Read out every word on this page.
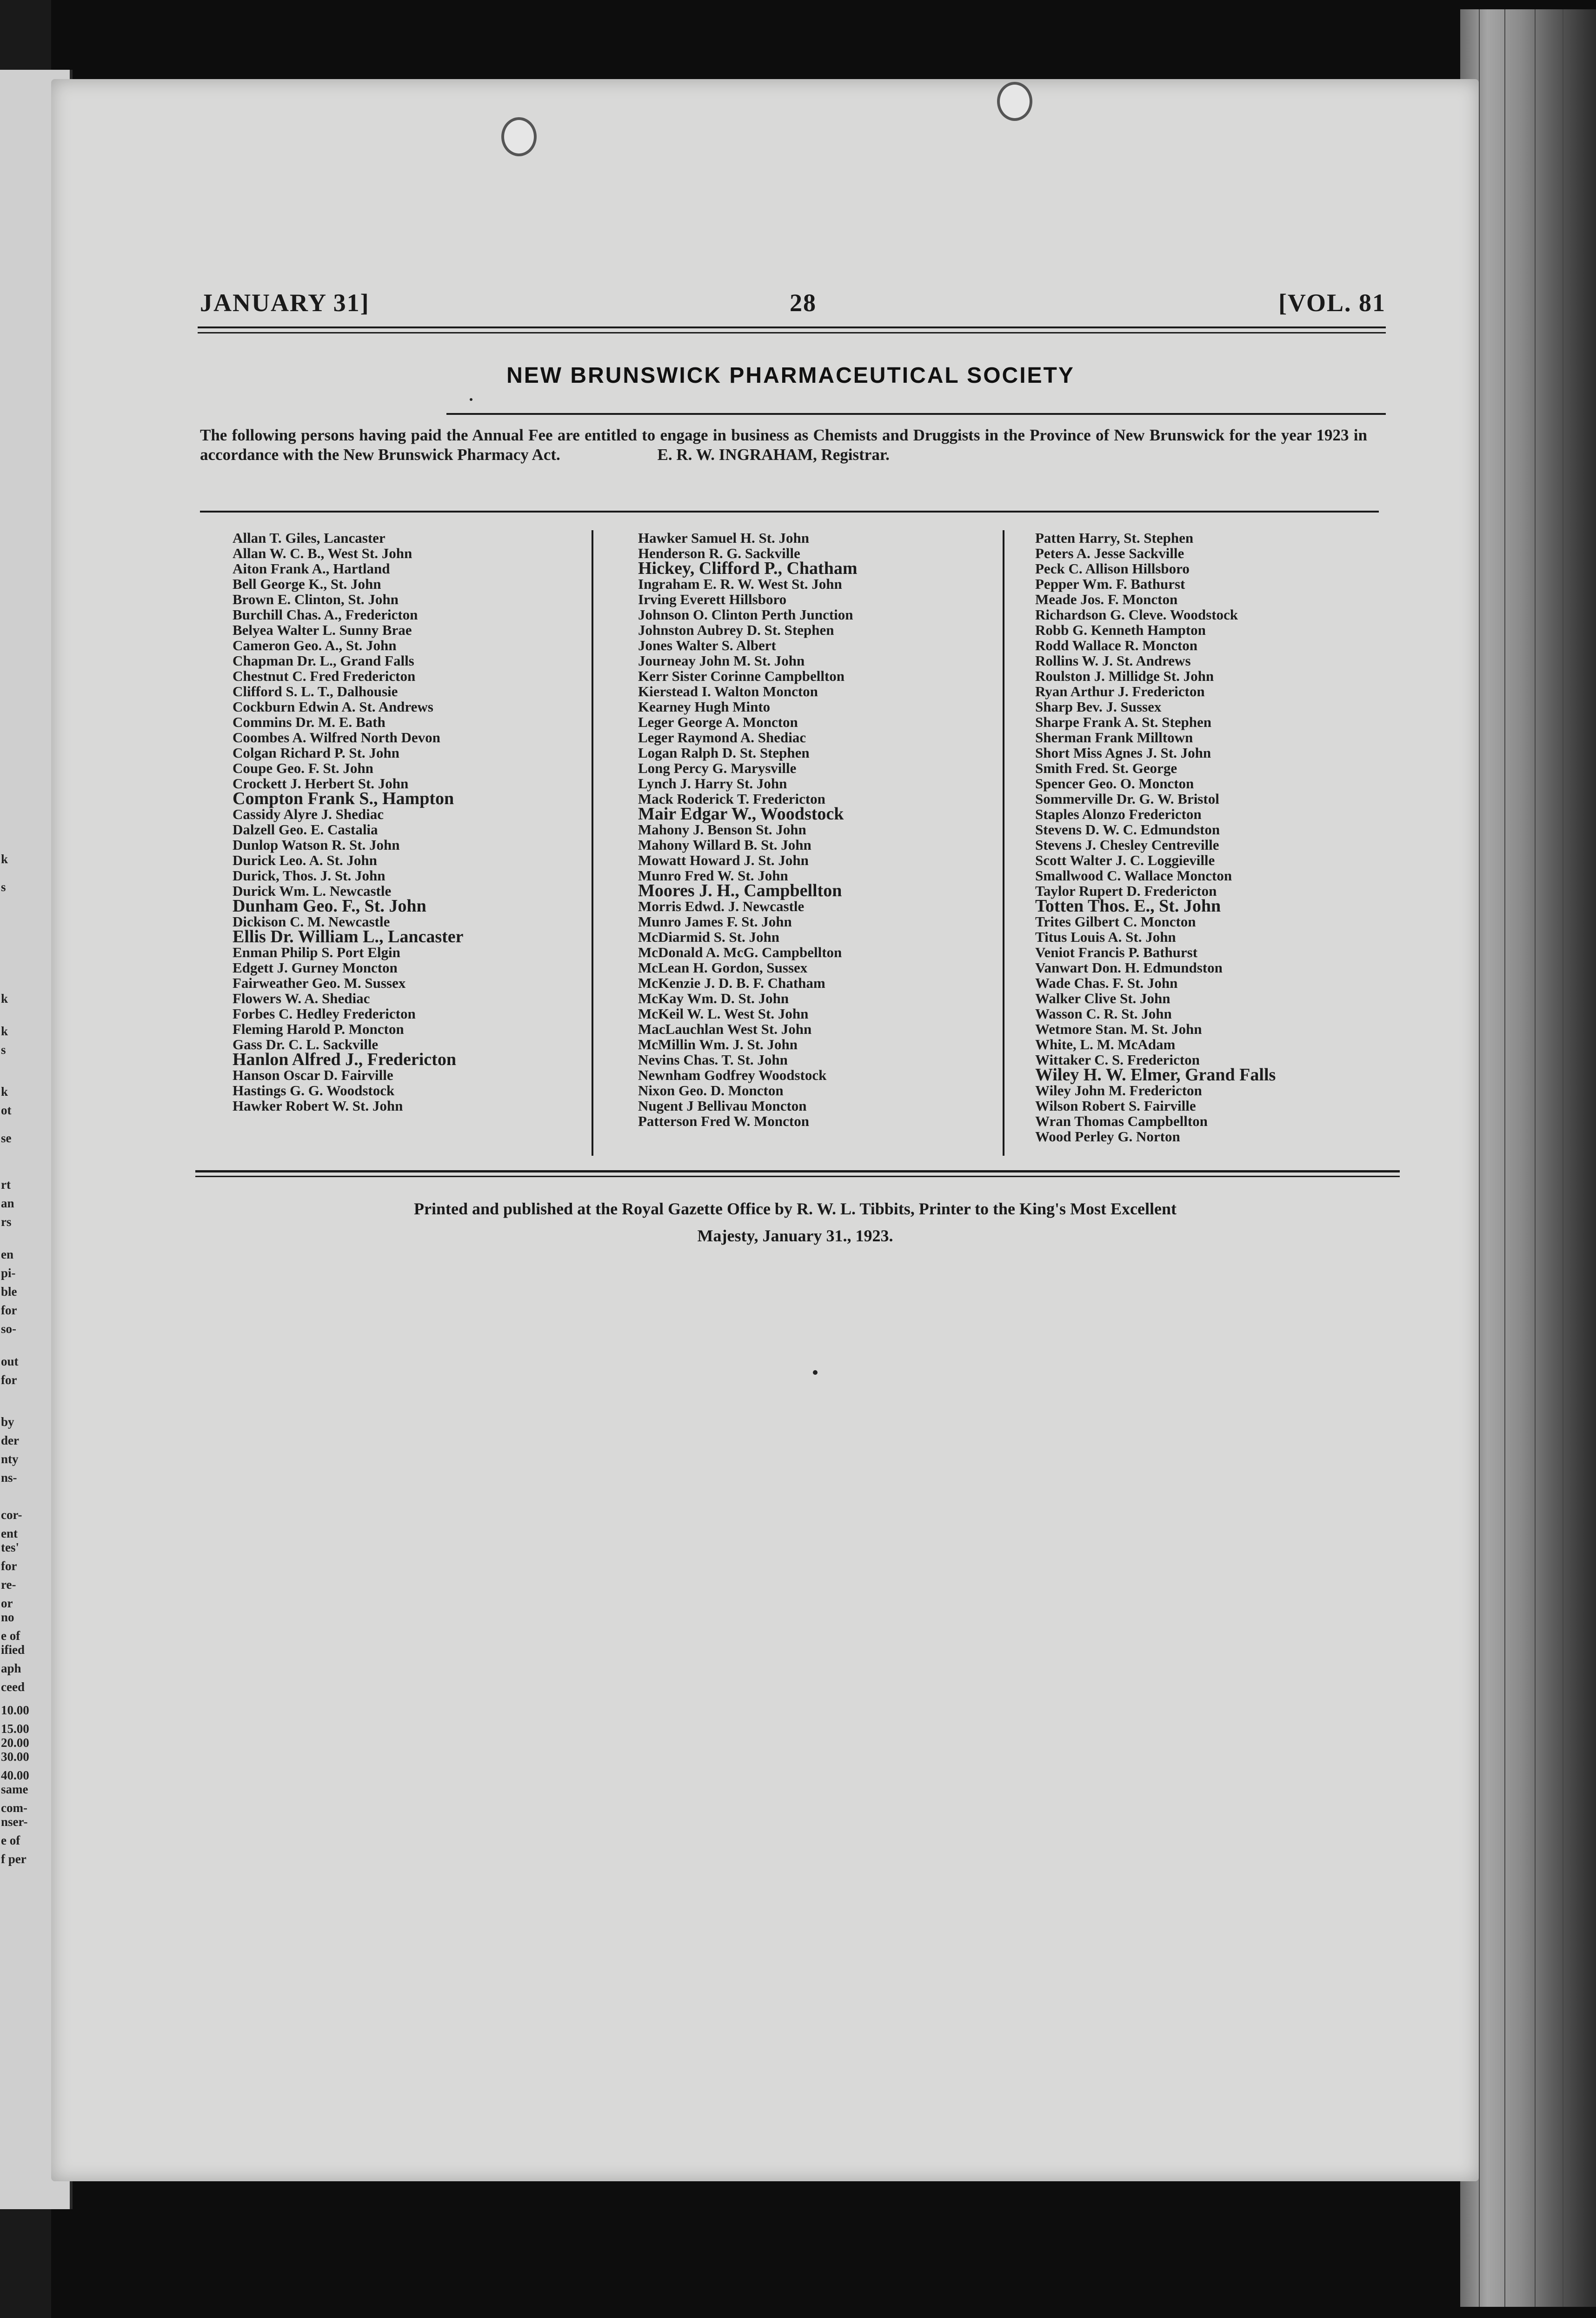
k
s
k
k
s
k
ot
se
rt
an
rs
en
pi-
ble
for
so-
out
for
by
der
nty
ns-
cor-
ent
tes'
for
re-
or
no
e of
ified
aph
ceed
10.00
15.00
20.00
30.00
40.00
same
com-
nser-
e of
f per
JANUARY 31]	28	[VOL. 81
NEW BRUNSWICK PHARMACEUTICAL SOCIETY
The following persons having paid the Annual Fee are entitled to engage in business as Chemists and Druggists in the Province of New Brunswick for the year 1923 in accordance with the New Brunswick Pharmacy Act.	E. R. W. INGRAHAM, Registrar.
Allan T. Giles, Lancaster
Allan W. C. B., West St. John
Aiton Frank A., Hartland
Bell George K., St. John
Brown E. Clinton, St. John
Burchill Chas. A., Fredericton
Belyea Walter L. Sunny Brae
Cameron Geo. A., St. John
Chapman Dr. L., Grand Falls
Chestnut C. Fred Fredericton
Clifford S. L. T., Dalhousie
Cockburn Edwin A. St. Andrews
Commins Dr. M. E. Bath
Coombes A. Wilfred North Devon
Colgan Richard P. St. John
Coupe Geo. F. St. John
Crockett J. Herbert St. John
Compton Frank S., Hampton
Cassidy Alyre J. Shediac
Dalzell Geo. E. Castalia
Dunlop Watson R. St. John
Durick Leo. A. St. John
Durick, Thos. J. St. John
Durick Wm. L. Newcastle
Dunham Geo. F., St. John
Dickison C. M. Newcastle
Ellis Dr. William L., Lancaster
Enman Philip S. Port Elgin
Edgett J. Gurney Moncton
Fairweather Geo. M. Sussex
Flowers W. A. Shediac
Forbes C. Hedley Fredericton
Fleming Harold P. Moncton
Gass Dr. C. L. Sackville
Hanlon Alfred J., Fredericton
Hanson Oscar D. Fairville
Hastings G. G. Woodstock
Hawker Robert W. St. John
Hawker Samuel H. St. John
Henderson R. G. Sackville
Hickey, Clifford P., Chatham
Ingraham E. R. W. West St. John
Irving Everett Hillsboro
Johnson O. Clinton Perth Junction
Johnston Aubrey D. St. Stephen
Jones Walter S. Albert
Journeay John M. St. John
Kerr Sister Corinne Campbellton
Kierstead I. Walton Moncton
Kearney Hugh Minto
Leger George A. Moncton
Leger Raymond A. Shediac
Logan Ralph D. St. Stephen
Long Percy G. Marysville
Lynch J. Harry St. John
Mack Roderick T. Fredericton
Mair Edgar W., Woodstock
Mahony J. Benson St. John
Mahony Willard B. St. John
Mowatt Howard J. St. John
Munro Fred W. St. John
Moores J. H., Campbellton
Morris Edwd. J. Newcastle
Munro James F. St. John
McDiarmid S. St. John
McDonald A. McG. Campbellton
McLean H. Gordon, Sussex
McKenzie J. D. B. F. Chatham
McKay Wm. D. St. John
McKeil W. L. West St. John
MacLauchlan West St. John
McMillin Wm. J. St. John
Nevins Chas. T. St. John
Newnham Godfrey Woodstock
Nixon Geo. D. Moncton
Nugent J Bellivau Moncton
Patterson Fred W. Moncton
Patten Harry, St. Stephen
Peters A. Jesse Sackville
Peck C. Allison Hillsboro
Pepper Wm. F. Bathurst
Meade Jos. F. Moncton
Richardson G. Cleve. Woodstock
Robb G. Kenneth Hampton
Rodd Wallace R. Moncton
Rollins W. J. St. Andrews
Roulston J. Millidge St. John
Ryan Arthur J. Fredericton
Sharp Bev. J. Sussex
Sharpe Frank A. St. Stephen
Sherman Frank Milltown
Short Miss Agnes J. St. John
Smith Fred. St. George
Spencer Geo. O. Moncton
Sommerville Dr. G. W. Bristol
Staples Alonzo Fredericton
Stevens D. W. C. Edmundston
Stevens J. Chesley Centreville
Scott Walter J. C. Loggieville
Smallwood C. Wallace Moncton
Taylor Rupert D. Fredericton
Totten Thos. E., St. John
Trites Gilbert C. Moncton
Titus Louis A. St. John
Veniot Francis P. Bathurst
Vanwart Don. H. Edmundston
Wade Chas. F. St. John
Walker Clive St. John
Wasson C. R. St. John
Wetmore Stan. M. St. John
White, L. M. McAdam
Wittaker C. S. Fredericton
Wiley H. W. Elmer, Grand Falls
Wiley John M. Fredericton
Wilson Robert S. Fairville
Wran Thomas Campbellton
Wood Perley G. Norton
Printed and published at the Royal Gazette Office by R. W. L. Tibbits, Printer to the King's Most Excellent
Majesty, January 31., 1923.
